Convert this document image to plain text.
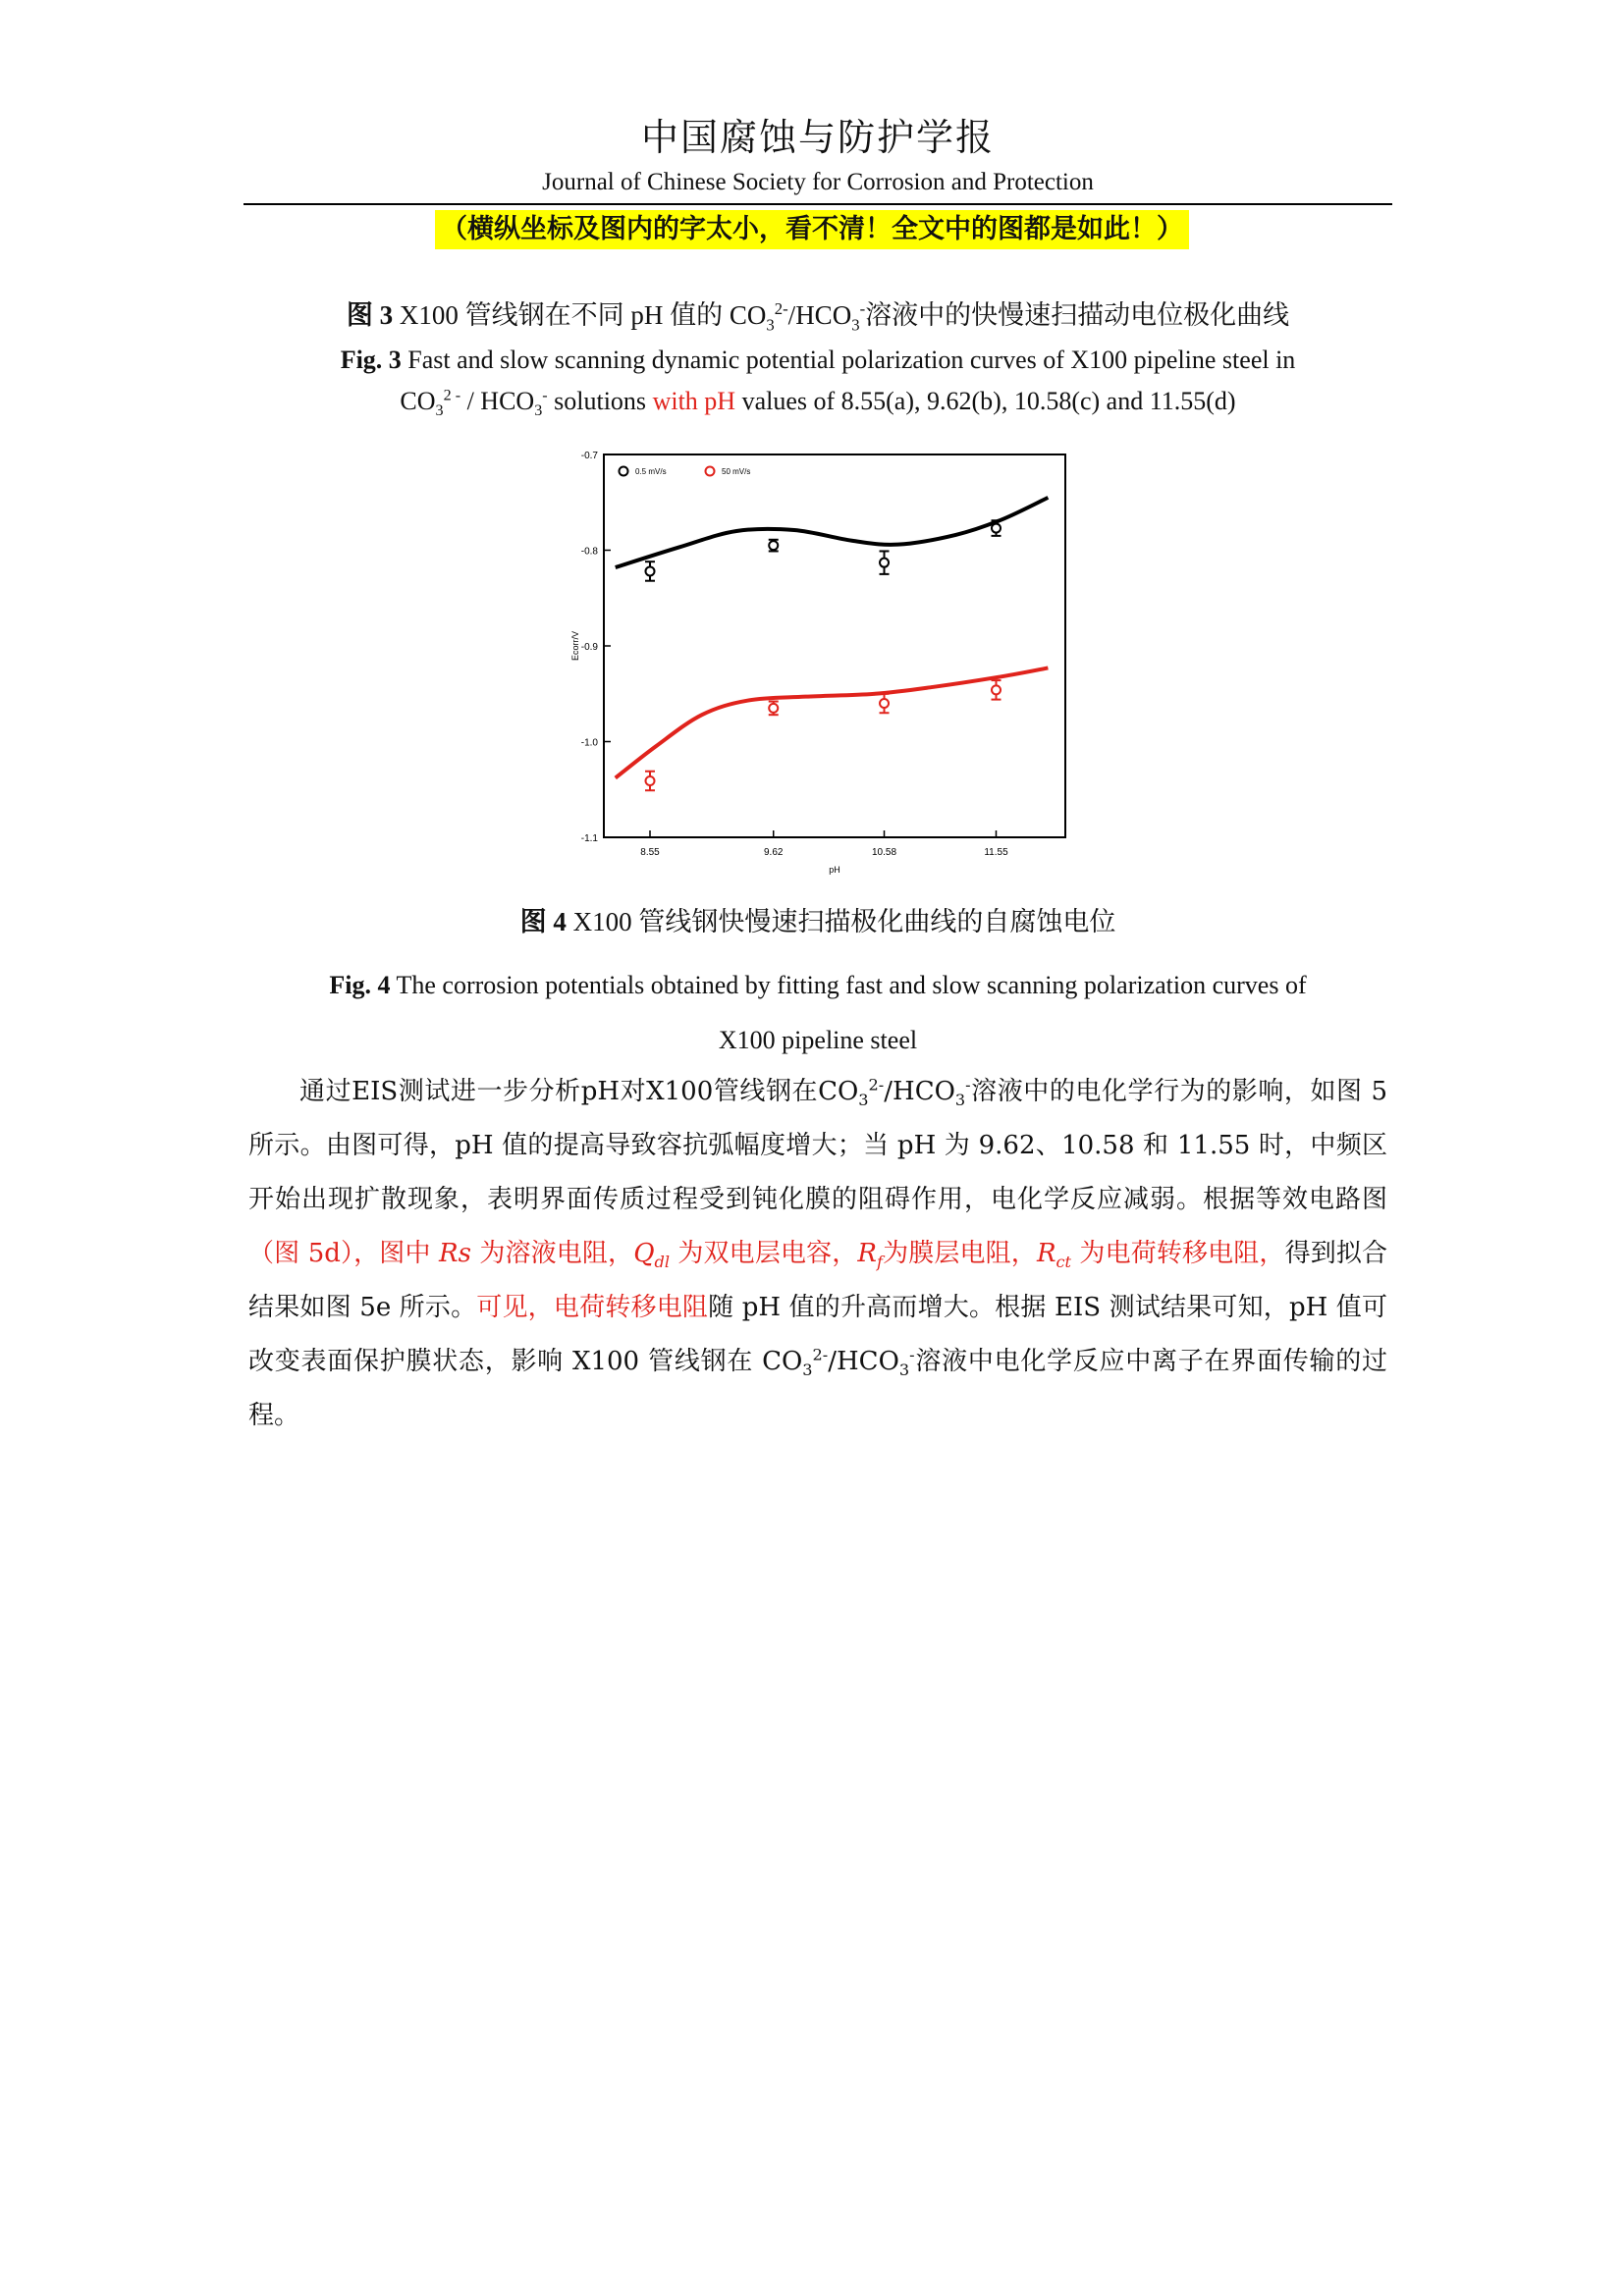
中国腐蚀与防护学报
Journal of Chinese Society for Corrosion and Protection
（横纵坐标及图内的字太小，看不清！全文中的图都是如此！）
图 3 X100 管线钢在不同 pH 值的 $CO_3^{2-}/HCO_3^-$溶液中的快慢速扫描动电位极化曲线
Fig. 3 Fast and slow scanning dynamic potential polarization curves of X100 pipeline steel in
$CO_3^{2 -} / HCO_3^-$ solutions with pH values of 8.55(a), 9.62(b), 10.58(c) and 11.55(d)
-0.7
-0.8
-0.9
-1.0
-1.1
8.55	9.62	10.58	11.55
pH
Ecorr/V
0.5 mV/s	50 mV/s
图 4 X100 管线钢快慢速扫描极化曲线的自腐蚀电位
Fig. 4 The corrosion potentials obtained by fitting fast and slow scanning polarization curves of
X100 pipeline steel

通过EIS测试进一步分析pH对X100管线钢在$CO_3^{2-}/HCO_3^-$溶液中的电化学行为的影响，如图 5 所示。由图可得，pH 值的提高导致容抗弧幅度增大；当 pH 为 9.62、10.58 和 11.55 时，中频区开始出现扩散现象，表明界面传质过程受到钝化膜的阻碍作用，电化学反应减弱。根据等效电路图（图 5d），图中 Rs 为溶液电阻，$Q_{dl}$ 为双电层电容，$R_f$为膜层电阻，$R_{ct}$ 为电荷转移电阻，得到拟合结果如图 5e 所示。可见，电荷转移电阻随 pH 值的升高而增大。根据 EIS 测试结果可知，pH 值可改变表面保护膜状态，影响 X100 管线钢在 $CO_3^{2-}/HCO_3^-$溶液中电化学反应中离子在界面传输的过程。
